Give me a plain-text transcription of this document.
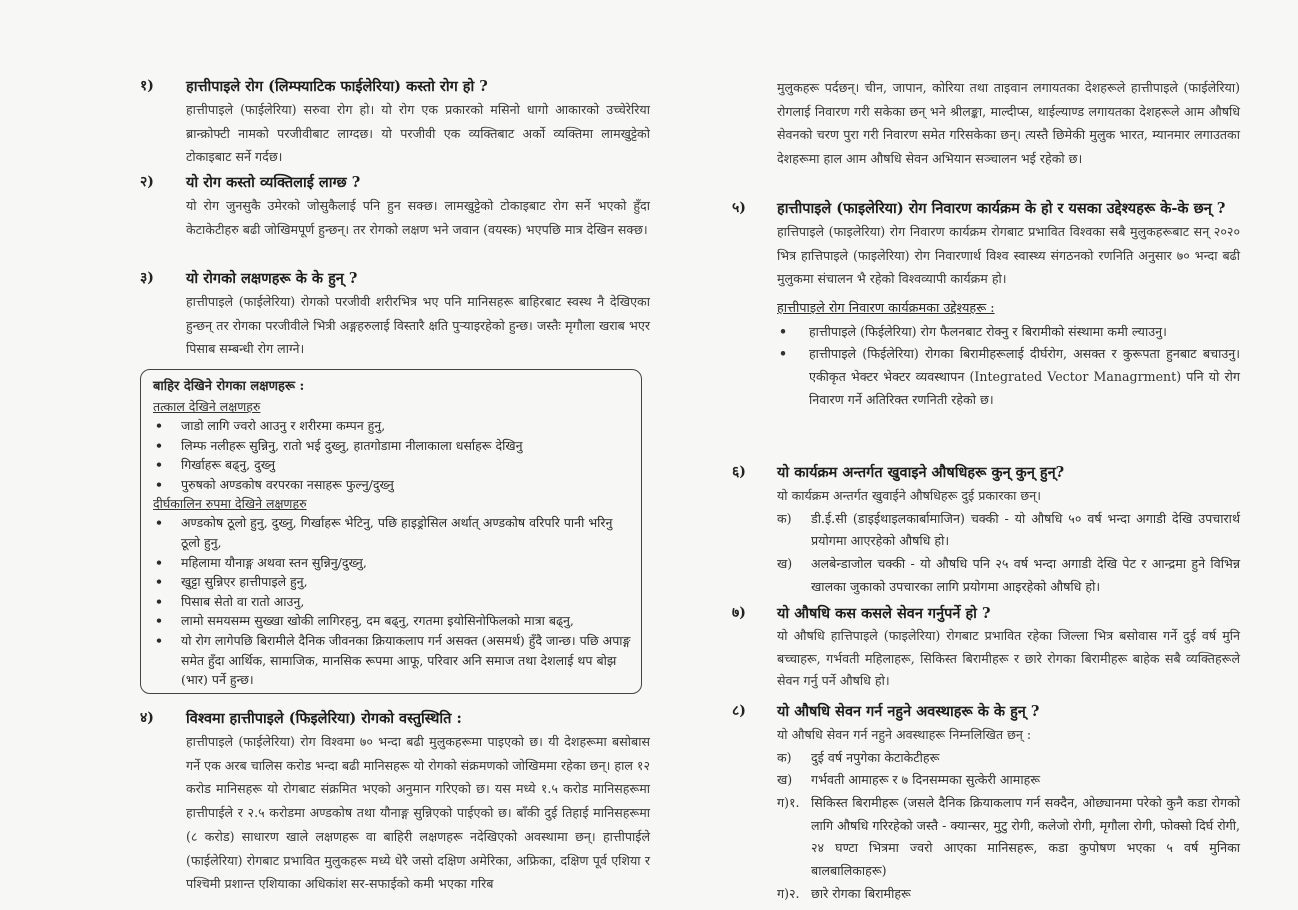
१) हात्तीपाइले रोग (लिम्फ्याटिक फाईलेरिया) कस्तो रोग हो ?
हात्तीपाइले (फाईलेरिया) सरुवा रोग हो। यो रोग एक प्रकारको मसिनो धागो आकारको उच्चेरेरिया ब्रान्क्रोफ्टी नामको परजीवीबाट लाग्दछ। यो परजीवी एक व्यक्तिबाट अर्को व्यक्तिमा लामखुट्टेको टोकाइबाट सर्ने गर्दछ।
२) यो रोग कस्तो व्यक्तिलाई लाग्छ ?
यो रोग जुनसुकै उमेरको जोसुकैलाई पनि हुन सक्छ। लामखुट्टेको टोकाइबाट रोग सर्ने भएको हुँदा केटाकेटीहरु बढी जोखिमपूर्ण हुन्छन्। तर रोगको लक्षण भने जवान (वयस्क) भएपछि मात्र देखिन सक्छ।
३) यो रोगको लक्षणहरू के के हुन् ?
हात्तीपाइले (फाईलेरिया) रोगको परजीवी शरीरभित्र भए पनि मानिसहरू बाहिरबाट स्वस्थ नै देखिएका हुन्छन् तर रोगका परजीवीले भित्री अङ्गहरुलाई विस्तारै क्षति पुऱ्याइरहेको हुन्छ। जस्तैः मृगौला खराब भएर पिसाब सम्बन्धी रोग लाग्ने।
४) विश्वमा हात्तीपाइले (फिइलेरिया) रोगको वस्तुस्थिति :
हात्तीपाइले (फाईलेरिया) रोग विश्वमा ७० भन्दा बढी मुलुकहरूमा पाइएको छ। यी देशहरूमा बसोबास गर्ने एक अरब चालिस करोड भन्दा बढी मानिसहरू यो रोगको संक्रमणको जोखिममा रहेका छन्। हाल १२ करोड मानिसहरू यो रोगबाट संक्रमित भएको अनुमान गरिएको छ। यस मध्ये १.५ करोड मानिसहरूमा हात्तीपाईले र २.५ करोडमा अण्डकोष तथा यौनाङ्ग सुन्निएको पाईएको छ। बाँकी दुई तिहाई मानिसहरूमा (८ करोड) साधारण खाले लक्षणहरू वा बाहिरी लक्षणहरू नदेखिएको अवस्थामा छन्। हात्तीपाईले (फाईलेरिया) रोगबाट प्रभावित मुलुकहरू मध्ये धेरै जसो दक्षिण अमेरिका, अफ्रिका, दक्षिण पूर्व एशिया र पश्चिमी प्रशान्त एशियाका अधिकांश सर-सफाईको कमी भएका गरिब
बाहिर देखिने रोगका लक्षणहरू :
तत्काल देखिने लक्षणहरु
• जाडो लागि ज्वरो आउनु र शरीरमा कम्पन हुनु,
• लिम्फ नलीहरू सुन्निनु, रातो भई दुख्नु, हातगोडामा नीलाकाला धर्साहरू देखिनु
• गिर्खाहरू बढ्नु, दुख्नु
• पुरुषको अण्डकोष वरपरका नसाहरू फुल्नु/दुख्नु
दीर्घकालिन रुपमा देखिने लक्षणहरु
• अण्डकोष ठूलो हुनु, दुख्नु, गिर्खाहरू भेटिनु, पछि हाइड्रोसिल अर्थात् अण्डकोष वरिपरि पानी भरिनु ठूलो हुनु,
• महिलामा यौनाङ्ग अथवा स्तन सुन्निनु/दुख्नु,
• खुट्टा सुन्निएर हात्तीपाइले हुनु,
• पिसाब सेतो वा रातो आउनु,
• लामो समयसम्म सुख्खा खोकी लागिरहनु, दम बढ्नु, रगतमा इयोसिनोफिलको मात्रा बढ्नु,
• यो रोग लागेपछि बिरामीले दैनिक जीवनका क्रियाकलाप गर्न असक्त (असमर्थ) हुँदै जान्छ। पछि अपाङ्ग समेत हुँदा आर्थिक, सामाजिक, मानसिक रूपमा आफू, परिवार अनि समाज तथा देशलाई थप बोझ (भार) पर्ने हुन्छ।
मुलुकहरू पर्दछन्। चीन, जापान, कोरिया तथा ताइवान लगायतका देशहरूले हात्तीपाइले (फाईलेरिया) रोगलाई निवारण गरी सकेका छन् भने श्रीलङ्का, माल्दीप्स, थाईल्याण्ड लगायतका देशहरूले आम औषधि सेवनको चरण पुरा गरी निवारण समेत गरिसकेका छन्। त्यस्तै छिमेकी मुलुक भारत, म्यानमार लगाउतका देशहरूमा हाल आम औषधि सेवन अभियान सञ्चालन भई रहेको छ।
५) हात्तीपाइले (फाइलेरिया) रोग निवारण कार्यक्रम के हो र यसका उद्देश्यहरू के-के छन् ?
हात्तिपाइले (फाइलेरिया) रोग निवारण कार्यक्रम रोगबाट प्रभावित विश्वका सबै मुलुकहरूबाट सन् २०२० भित्र हात्तिपाइले (फाइलेरिया) रोग निवारणार्थ विश्व स्वास्थ्य संगठनको रणनिति अनुसार ७० भन्दा बढी मुलुकमा संचालन भै रहेको विश्वव्यापी कार्यक्रम हो।
हात्तीपाइले रोग निवारण कार्यक्रमका उद्देश्यहरू :
• हात्तीपाइले (फिईलेरिया) रोग फैलनबाट रोक्नु र बिरामीको संस्थामा कमी ल्याउनु।
• हात्तीपाइले (फिईलेरिया) रोगका बिरामीहरूलाई दीर्घरोग, असक्त र कुरूपता हुनबाट बचाउनु। एकीकृत भेक्टर भेक्टर व्यवस्थापन (Integrated Vector Managrment) पनि यो रोग निवारण गर्ने अतिरिक्त रणनिती रहेको छ।
६) यो कार्यक्रम अन्तर्गत खुवाइने औषधिहरू कुन् कुन् हुन्?
यो कार्यक्रम अन्तर्गत खुवाईने औषधिहरू दुई प्रकारका छन्।
क) डी.ई.सी (डाइईथाइलकार्बामाजिन) चक्की - यो औषधि ५० वर्ष भन्दा अगाडी देखि उपचारार्थ प्रयोगमा आएरहेको औषधि हो।
ख) अलबेन्डाजोल चक्की - यो औषधि पनि २५ वर्ष भन्दा अगाडी देखि पेट र आन्द्रमा हुने विभिन्न खालका जुकाको उपचारका लागि प्रयोगमा आइरहेको औषधि हो।
७) यो औषधि कस कसले सेवन गर्नुपर्ने हो ?
यो औषधि हात्तिपाइले (फाइलेरिया) रोगबाट प्रभावित रहेका जिल्ला भित्र बसोवास गर्ने दुई वर्ष मुनि बच्चाहरू, गर्भवती महिलाहरू, सिकिस्त बिरामीहरू र छारे रोगका बिरामीहरू बाहेक सबै व्यक्तिहरूले सेवन गर्नु पर्ने औषधि हो।
८) यो औषधि सेवन गर्न नहुने अवस्थाहरू के के हुन् ?
यो औषधि सेवन गर्न नहुने अवस्थाहरू निम्नलिखित छन् :
क) दुई वर्ष नपुगेका केटाकेटीहरू
ख) गर्भवती आमाहरू र ७ दिनसम्मका सुत्केरी आमाहरू
ग)१. सिकिस्त बिरामीहरू (जसले दैनिक क्रियाकलाप गर्न सक्दैन, ओछ्यानमा परेको कुनै कडा रोगको लागि औषधि गरिरहेको जस्तै - क्यान्सर, मुटु रोगी, कलेजो रोगी, मृगौला रोगी, फोक्सो दिर्घ रोगी, २४ घण्टा भित्रमा ज्वरो आएका मानिसहरू, कडा कुपोषण भएका ५ वर्ष मुनिका बालबालिकाहरू)
ग)२. छारे रोगका बिरामीहरू
